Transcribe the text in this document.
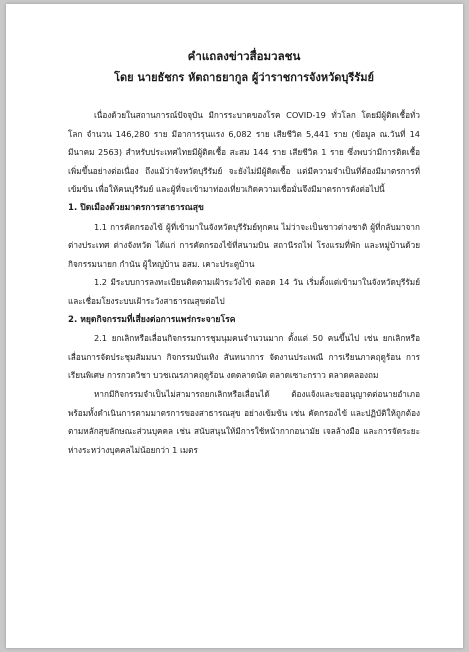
คำแถลงข่าวสื่อมวลชน

โดย นายธัชกร หัตถาธยากูล ผู้ว่าราชการจังหวัดบุรีรัมย์

เนื่องด้วยในสถานการณ์ปัจจุบัน มีการระบาดของโรค COVID-19 ทั่วโลก โดยมีผู้ติดเชื้อทั่วโลก จำนวน 146,280 ราย มีอาการรุนแรง 6,082 ราย เสียชีวิต 5,441 ราย (ข้อมูล ณ.วันที่ 14 มีนาคม 2563) สำหรับประเทศไทยมีผู้ติดเชื้อ สะสม 144 ราย เสียชีวิต 1 ราย ซึ่งพบว่ามีการติดเชื้อเพิ่มขึ้นอย่างต่อเนื่อง ถึงแม้ว่าจังหวัดบุรีรัมย์ จะยังไม่มีผู้ติดเชื้อ แต่มีความจำเป็นที่ต้องมีมาตรการที่เข้มข้น เพื่อให้คนบุรีรัมย์ และผู้ที่จะเข้ามาท่องเที่ยวเกิดความเชื่อมั่นจึงมีมาตรการดังต่อไปนี้

1. ปิดเมืองด้วยมาตรการสาธารณสุข

1.1 การคัดกรองไข้ ผู้ที่เข้ามาในจังหวัดบุรีรัมย์ทุกคน ไม่ว่าจะเป็นชาวต่างชาติ ผู้ที่กลับมาจากต่างประเทศ ต่างจังหวัด ได้แก่ การคัดกรองไข้ที่สนามบิน สถานีรถไฟ โรงแรมที่พัก และหมู่บ้านด้วย กิจกรรมนายก กำนัน ผู้ใหญ่บ้าน อสม. เคาะประตูบ้าน

1.2 มีระบบการลงทะเบียนติดตามเฝ้าระวังไข้ ตลอด 14 วัน เริ่มตั้งแต่เข้ามาในจังหวัดบุรีรัมย์ และเชื่อมโยงระบบเฝ้าระวังสาธารณสุขต่อไป

2. หยุดกิจกรรมที่เสี่ยงต่อการแพร่กระจายโรค

2.1 ยกเลิกหรือเลื่อนกิจกรรมการชุมนุมคนจำนวนมาก ตั้งแต่ 50 คนขึ้นไป เช่น ยกเลิกหรือเลื่อนการจัดประชุมสัมมนา กิจกรรมบันเทิง สันทนาการ จัดงานประเพณี การเรียนภาคฤดูร้อน การเรียนพิเศษ การกวดวิชา บวชเณรภาคฤดูร้อน งดตลาดนัด ตลาดเซาะกราว ตลาดคลองถม

หากมีกิจกรรมจำเป็นไม่สามารถยกเลิกหรือเลื่อนได้ ต้องแจ้งและขออนุญาตต่อนายอำเภอ พร้อมทั้งดำเนินการตามมาตรการของสาธารณสุข อย่างเข้มข้น เช่น คัดกรองไข้ และปฏิบัติให้ถูกต้องตามหลักสุขลักษณะส่วนบุคคล เช่น สนับสนุนให้มีการใช้หน้ากากอนามัย เจลล้างมือ และการจัดระยะห่างระหว่างบุคคลไม่น้อยกว่า 1 เมตร
